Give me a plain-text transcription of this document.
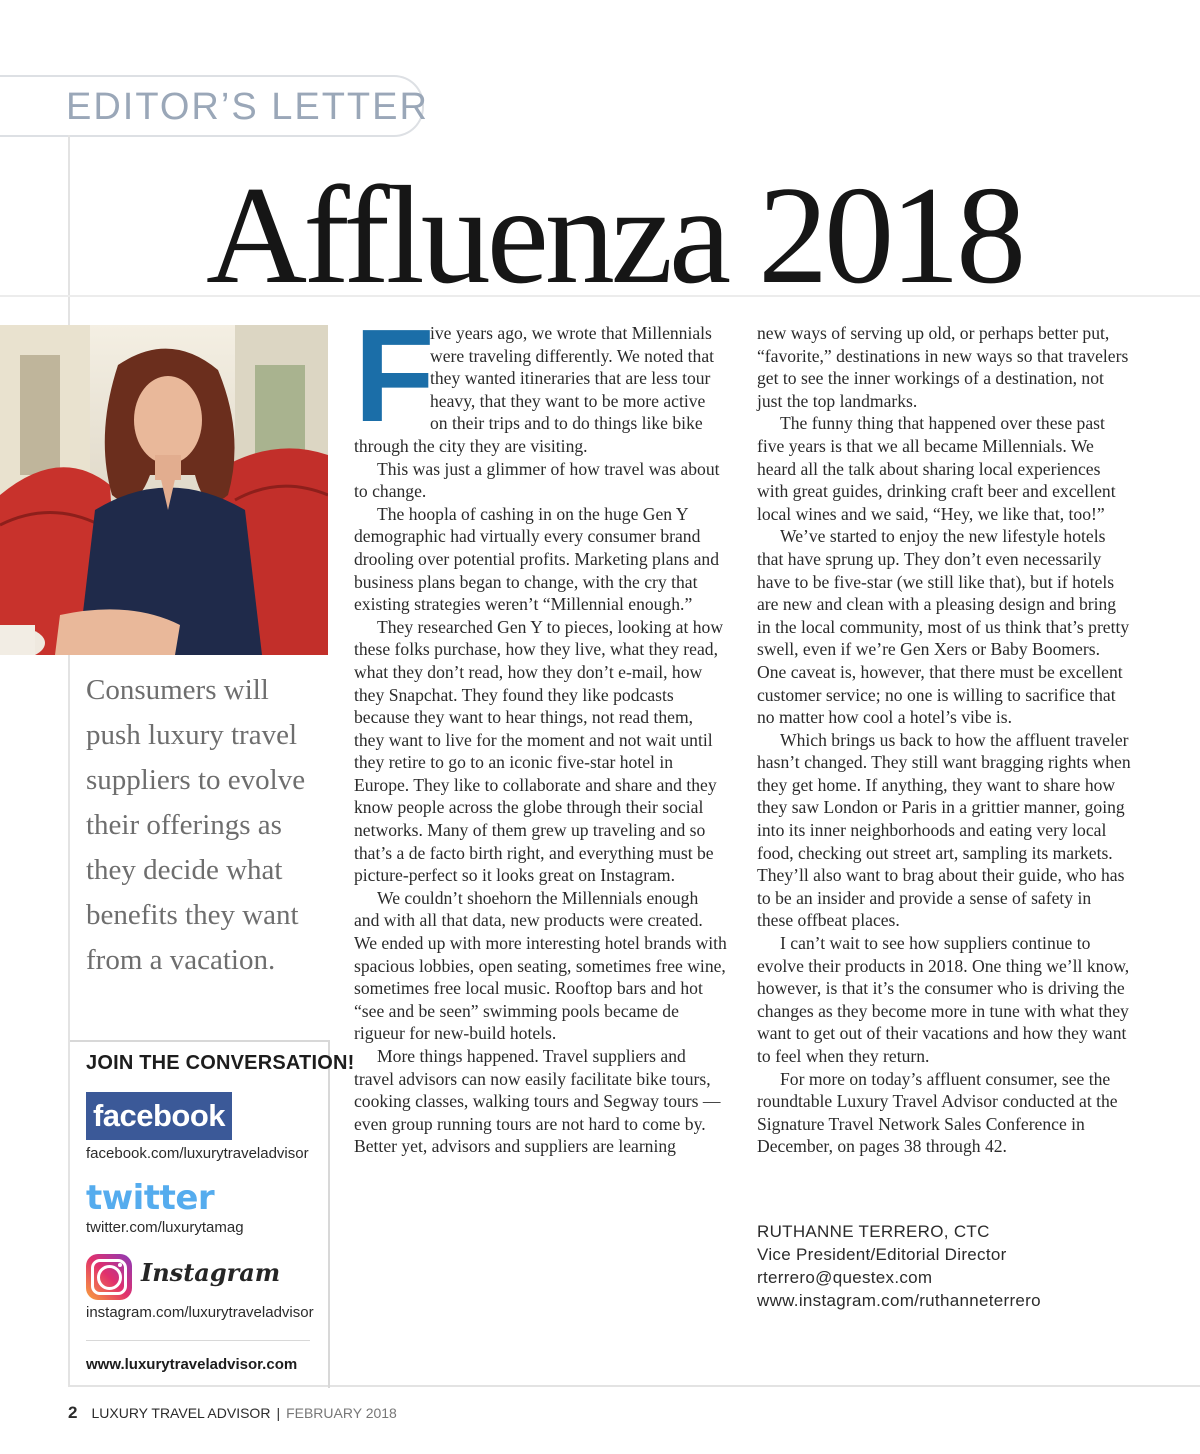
EDITOR’S LETTER
Affluenza 2018
Consumers will push luxury travel suppliers to evolve their offerings as they decide what benefits they want from a vacation.
JOIN THE CONVERSATION!
facebook
facebook.com/luxurytraveladvisor
twitter
twitter.com/luxurytamag
Instagram
instagram.com/luxurytraveladvisor
www.luxurytraveladvisor.com
F

ive years ago, we wrote that Millennials were traveling differently. We noted that they wanted itineraries that are less tour heavy, that they want to be more active on their trips and to do things like bike through the city they are visiting.

This was just a glimmer of how travel was about to change.

The hoopla of cashing in on the huge Gen Y demographic had virtually every consumer brand drooling over potential profits. Marketing plans and business plans began to change, with the cry that existing strategies weren’t “Millennial enough.”

They researched Gen Y to pieces, looking at how these folks purchase, how they live, what they read, what they don’t read, how they don’t e-mail, how they Snapchat. They found they like podcasts because they want to hear things, not read them, they want to live for the moment and not wait until they retire to go to an iconic five-star hotel in Europe. They like to collaborate and share and they know people across the globe through their social networks. Many of them grew up traveling and so that’s a de facto birth right, and everything must be picture-perfect so it looks great on Instagram.

We couldn’t shoehorn the Millennials enough and with all that data, new products were created. We ended up with more interesting hotel brands with spacious lobbies, open seating, sometimes free wine, sometimes free local music. Rooftop bars and hot “see and be seen” swimming pools became de rigueur for new-build hotels.

More things happened. Travel suppliers and travel advisors can now easily facilitate bike tours, cooking classes, walking tours and Segway tours — even group running tours are not hard to come by. Better yet, advisors and suppliers are learning

new ways of serving up old, or perhaps better put, “favorite,” destinations in new ways so that travelers get to see the inner workings of a destination, not just the top landmarks.

The funny thing that happened over these past five years is that we all became Millennials. We heard all the talk about sharing local experiences with great guides, drinking craft beer and excellent local wines and we said, “Hey, we like that, too!”

We’ve started to enjoy the new lifestyle hotels that have sprung up. They don’t even necessarily have to be five-star (we still like that), but if hotels are new and clean with a pleasing design and bring in the local community, most of us think that’s pretty swell, even if we’re Gen Xers or Baby Boomers. One caveat is, however, that there must be excellent customer service; no one is willing to sacrifice that no matter how cool a hotel’s vibe is.

Which brings us back to how the affluent traveler hasn’t changed. They still want bragging rights when they get home. If anything, they want to share how they saw London or Paris in a grittier manner, going into its inner neighborhoods and eating very local food, checking out street art, sampling its markets. They’ll also want to brag about their guide, who has to be an insider and provide a sense of safety in these offbeat places.

I can’t wait to see how suppliers continue to evolve their products in 2018. One thing we’ll know, however, is that it’s the consumer who is driving the changes as they become more in tune with what they want to get out of their vacations and how they want to feel when they return.

For more on today’s affluent consumer, see the roundtable Luxury Travel Advisor conducted at the Signature Travel Network Sales Conference in December, on pages 38 through 42.

RUTHANNE TERRERO, CTC
Vice President/Editorial Director
rterrero@questex.com
www.instagram.com/ruthanneterrero
2 LUXURY TRAVEL ADVISOR | FEBRUARY 2018
